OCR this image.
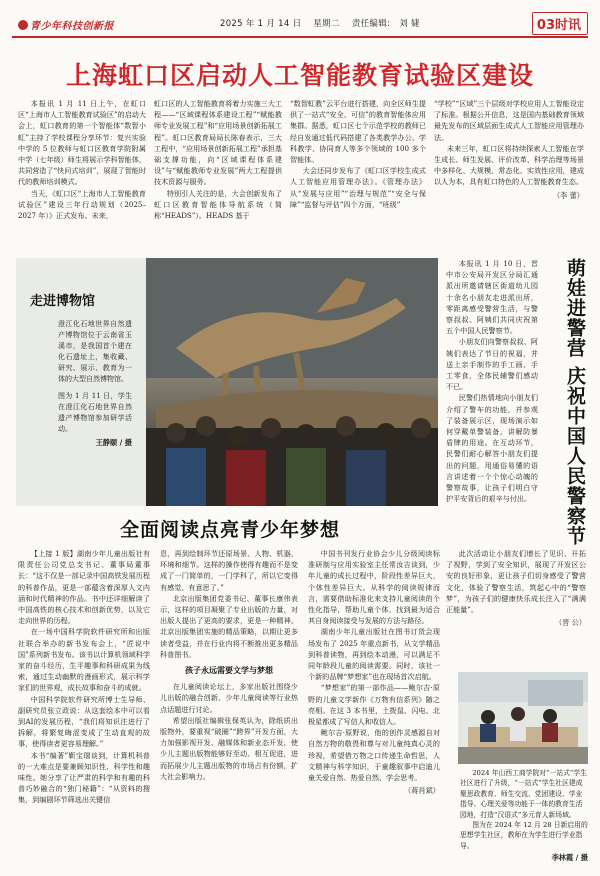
青少年科技创新报	2025 年 1 月 14 日 星期二 责任编辑: 刘 婕	03时讯
上海虹口区启动人工智能教育试验区建设

本报讯 1 月 11 日上午，在虹口区“上海市人工智能教育试验区”的启动大会上，虹口教育的第一个智能体“数智小虹”主持了学校课程分享环节：复兴实验中学的 5 位教师与虹口区教育学院附属中学（七年级）师生将展示学科智能体，共同营造了“快问式培训”，展现了智能时代的教师培训模式。

当天，《虹口区“上海市人工智能教育试验区”建设三年行动规划（2025–2027 年）》正式发布。未来，

虹口区的人工智能教育将着力实施三大工程——“区域课程体系建设工程”“赋能教师专业发展工程”和“应用场景创新拓展工程”。虹口区教育局局长陈春表示，三大工程中，“应用场景创新拓展工程”承担基础支撑功能，向“区域课程体系建设”与“赋能教师专业发展”两大工程提供技术资源与服务。

特别引人关注的是，大会创新发布了虹口区教育智能体导航系统（简称“HEADS”）。HEADS 基于

“数智虹教”云平台进行搭建，向全区师生提供了一站式“安全、可信”的教育智能体应用集群。据悉，虹口区七个示范学校的教师已经自发通过低代码搭建了各类教学办公、学科教学、协同育人等多个领域的 100 多个智能体。

大会还同步发布了《虹口区学校生成式人工智能应用管理办法》。《管理办法》从“发展与应用”“治理与规范”“安全与保障”“监督与评估”四个方面，“班级”

“学校”“区域”三个层级对学校应用人工智能设定了标准。根据公开信息，这是国内基础教育领域最先发布的区域层面生成式人工智能应用管理办法。

未来三年，虹口区将持续探索人工智能在学生成长、师生发展、评价改革、科学治理等场景中多样化、大规模、常态化、实效性应用，建成以人为本，具有虹口特色的人工智能教育生态。

（李 蕾）
走进博物馆

澄江化石地世界自然遗产博物馆位于云南省玉溪市，是我国首个建在化石遗址上，集收藏、研究、展示、教育为一体的大型自然博物馆。

图为 1 月 11 日，学生在澄江化石地世界自然遗产博物馆参加研学活动。

王静颐 / 摄	萌娃进警营 庆祝中国人民警察节

本报讯 1 月 10 日，晋中市公安局开发区分局汇通派出所邀请辖区街道幼儿园十余名小朋友走进派出所，零距离感受警营生活，与警察叔叔、阿姨们共同庆祝第五个中国人民警察节。

小朋友们向警察叔叔、阿姨们表达了节日的祝福，并送上亲手制作的手工画、手工零食，全体民辅警们感动不已。

民警们热情地向小朋友们介绍了警车的功能，并参观了装备展示区，现场演示如何穿戴单警装备，讲解防暴盾牌的用途。在互动环节，民警们耐心解答小朋友们提出的问题，用通俗易懂的语言讲述着一个个惊心动魄的警察故事，让孩子们明白守护平安背后的艰辛与付出。

此次活动让小朋友们增长了见识、开拓了视野，学到了安全知识，展现了开发区公安的良好形象，更让孩子们切身感受了警营文化，体验了警察生活，筑起心中的“警察梦”，为孩子们的健康快乐成长注入了“满满正能量”。

（晋 公）
全面阅读点亮青少年梦想

【上接 1 版】湖南少年儿童出版社有限责任公司党总支书记、董事局董事长：“这不仅是一部记录中国高铁发展历程的科普作品，更是一部蕴含着深厚人文内涵和时代精神的作品。书中还详细解读了中国高铁的核心技术和创新优势，以及它走向世界的历程。

在一场中国科学院软件研究所和出版社联合举办的新书发布会上，“匠说中国”系列新书发布。该书以计算机领域科学家的奋斗经历，生平趣事和科研成果为线索，通过生动幽默的漫画形式，展示科学家们的世界观，成长故事和奋斗的成就。

中国科学院软件研究所博士生导师、副研究员张立政说：从这套绘本中可以看到AI的发展历程，“我们将知识注进行了拆解，将繁复晦涩变成了生动直观的故事，使得读者更容易理解。”

本书“编著”靳宝瑞谈到，计算机科普的一大难点是要兼顾知识性、科学性和趣味性。她分享了让严肃的科学和有趣的科普巧妙融合的“独门秘籍”：“从资料的搜集，到编剧环节筛选出关键信

息，再到绘制环节还原场景、人物、机器、环境和细节。这样的操作使得有趣而不是变成了一门简单的，一门学科了，所以它变得有感觉、有意思了。”

北京出版集团党委书记、董事长康伟表示，这样的项目凝聚了专业出版的力量，对出版人提出了更高的要求，更是一种精神。北京出版集团实施的精品策略，以期让更多读者受益，并在行业内将不断推出更多精品科普图书。

孩子永远需要文学与梦想

在儿童阅读论坛上，多家出版社围绕少儿出版的融合创新、少年儿童阅读等行业热点话题进行讨论。

希望出版社编辑张保英认为，除纸质出版物外，要重视“破圈”“跨界”开发方面，大力加强影视开发、融媒体和新业态开发，使少儿主题出版物能够好至动、相互促进，进而拓展少儿主题出版物的市场占有份额，扩大社会影响力。

中国书刊发行业协会少儿分级阅读标准研制与应用实验室主任常汝吉谈到，少年儿童的成长过程中，阶段性差异巨大，个体性差异巨大。从科学的阅读规律而言，需要借助标准化来支持儿童阅读的个性化指导，帮助儿童个体，找到最为适合其自身阅读接受与发展的方法与路径。

湖南少年儿童出版社在图书订货会现场发布了 2025 年重点新书，从文学精品到科普读物，再到绘本动漫，可以满足不同年龄段儿童的阅读需要。同时，该社一个新的品牌“梦想家”也在现场首次启航。

“梦想家”的第一部作品——鲍尔吉·原野的儿童文学新作《万物有信系列》随之亮相。在这 3 本书里，土拨鼠、闪电、北极星都成了写信人和收信人。

鲍尔吉·原野说，他的创作灵感源自对自然万物的敬畏和尊与对儿童纯真心灵的珍视，希望借万物之口传递生命哲思，人文精神与科学知识，于童趣叙事中启迪儿童关爱自然、热爱自然、学会思考。

（蒋肖斌）

2024 年山西工商学院对“一站式”学生社区进行了升级，“一站式”学生社区建成聚思政教育、师生交流、党团建设、学业指导、心理关爱等功能于一体的教育生活园地，打造“汉语式”多元育人新场域。

图为在 2024 年 12 月 28 日新启用的思想学生社区，教师在为学生进行学业指导。

李林霞 / 摄
